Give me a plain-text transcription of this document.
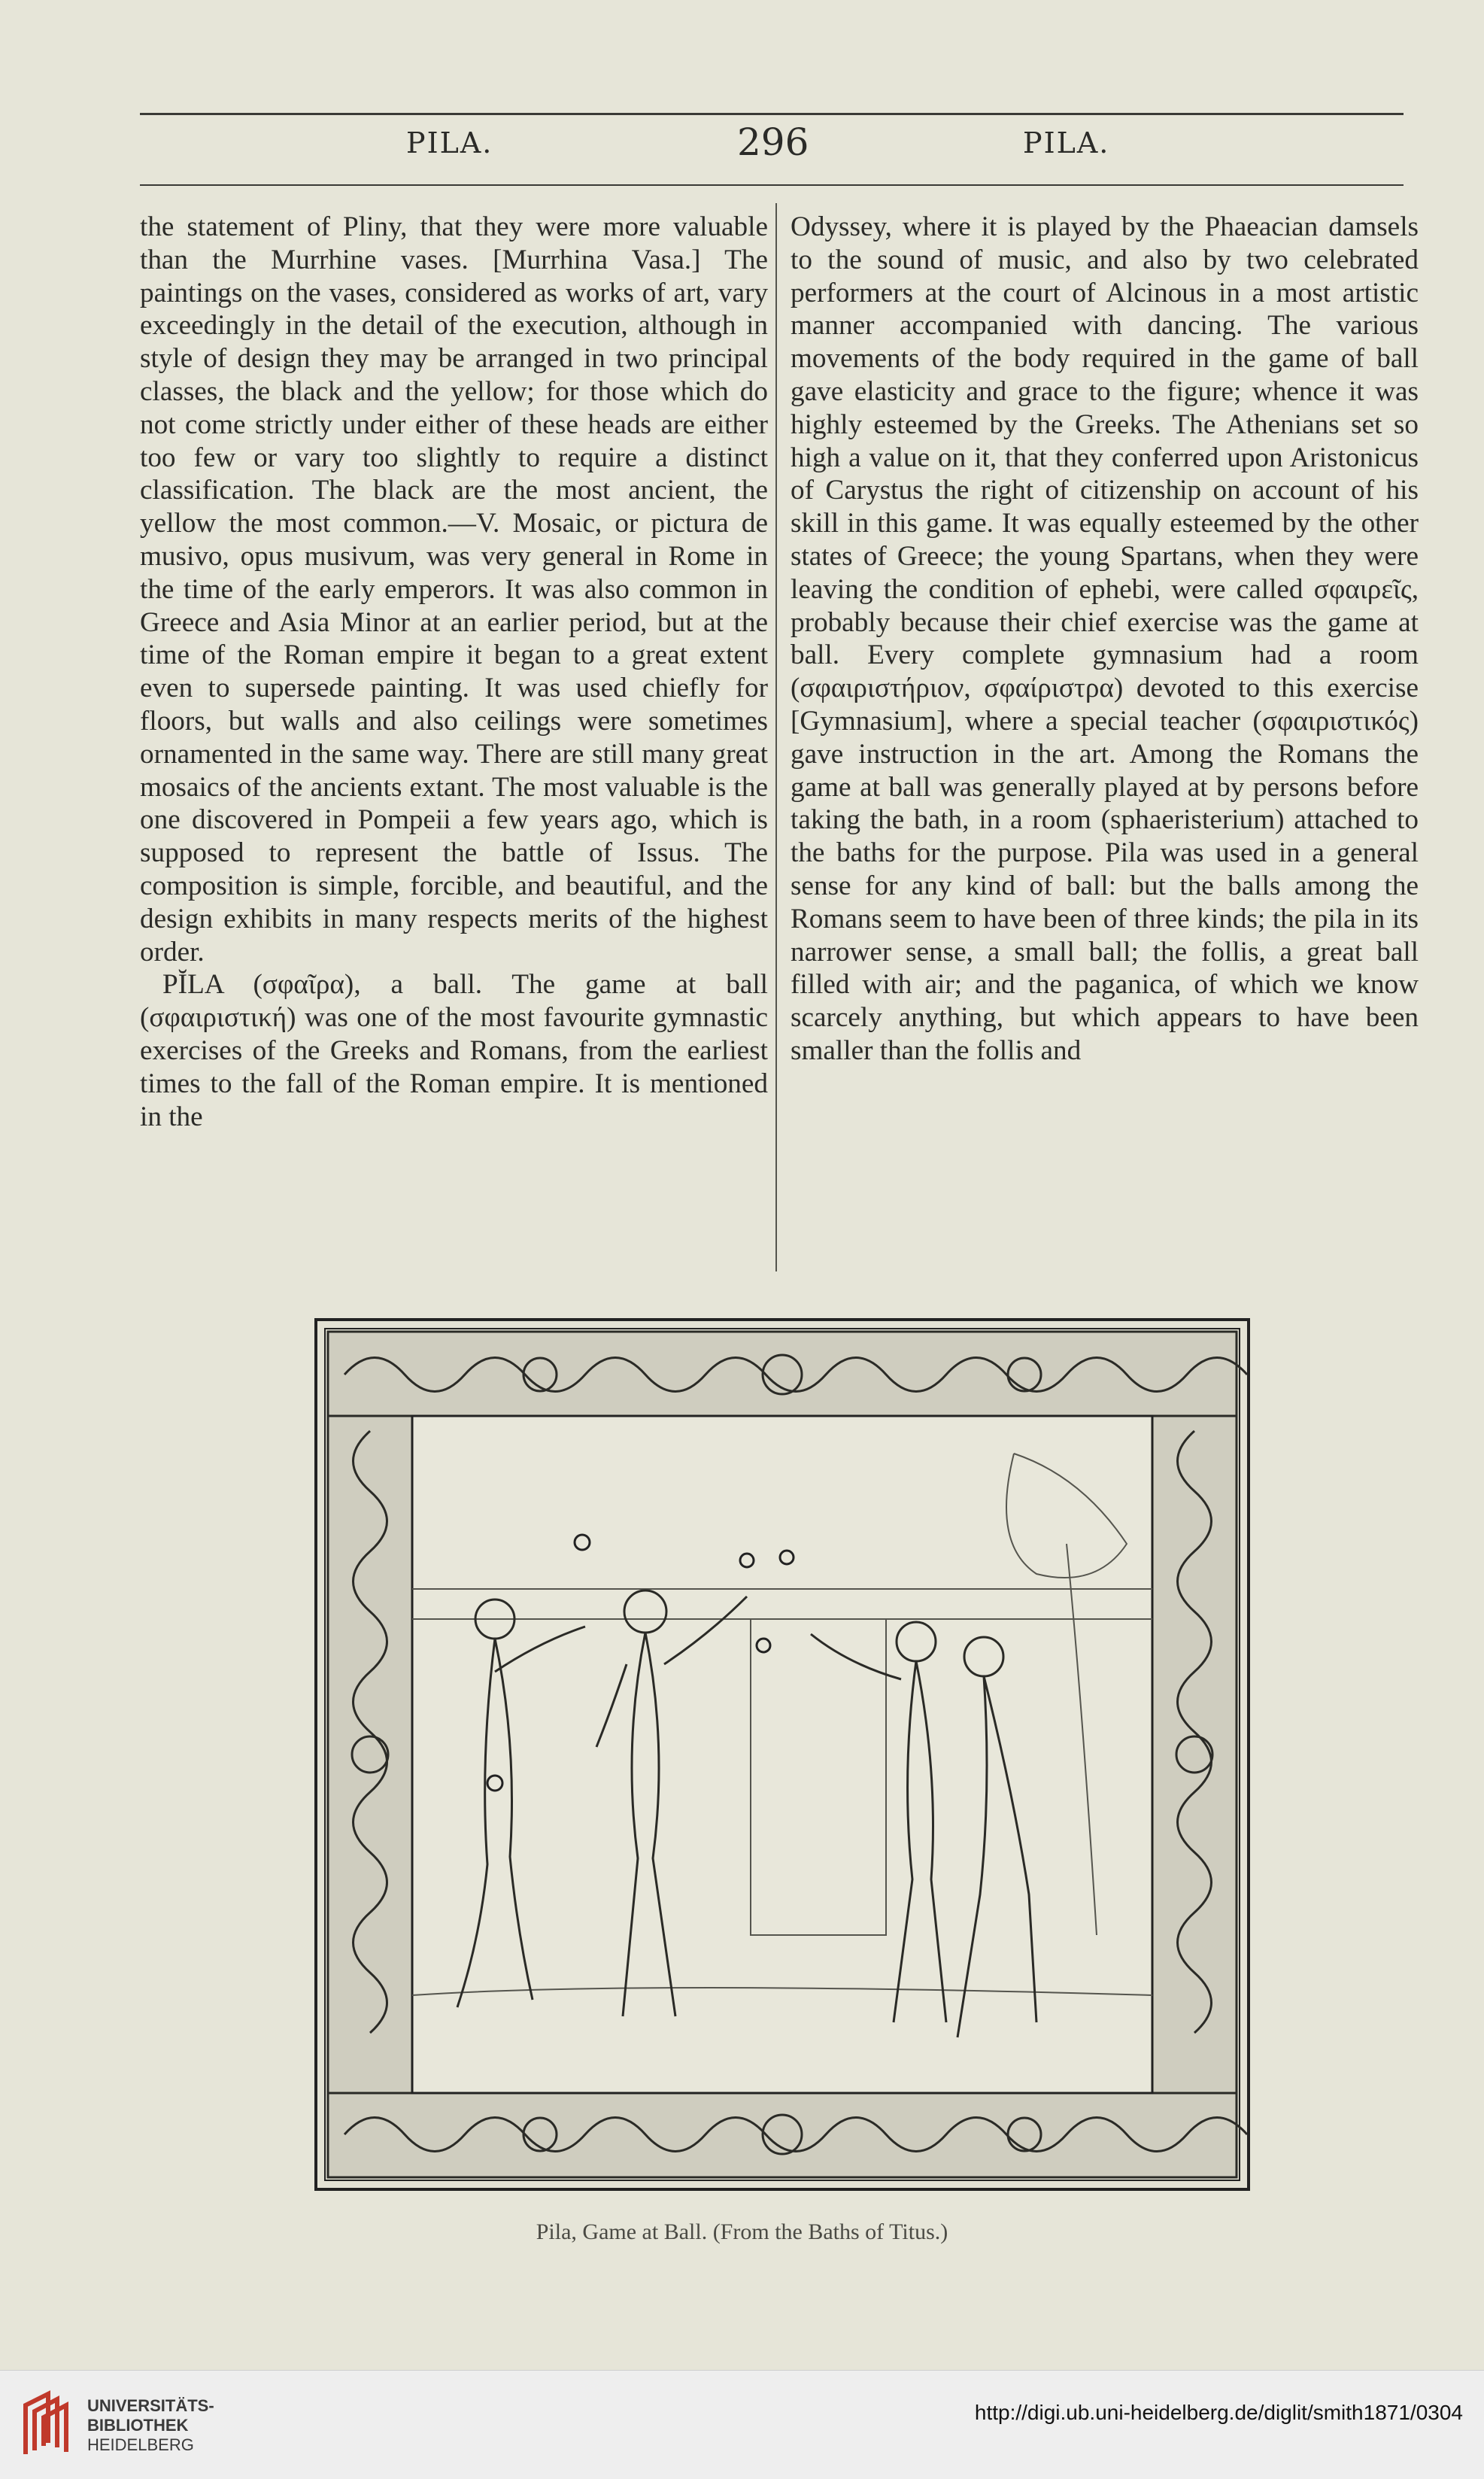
PILA.	296	PILA.

the statement of Pliny, that they were more valuable than the Murrhine vases. [Murrhina Vasa.] The paintings on the vases, considered as works of art, vary exceedingly in the detail of the execution, although in style of design they may be arranged in two principal classes, the black and the yellow; for those which do not come strictly under either of these heads are either too few or vary too slightly to require a distinct classification. The black are the most ancient, the yellow the most common.—V. Mosaic, or pictura de musivo, opus musivum, was very general in Rome in the time of the early emperors. It was also common in Greece and Asia Minor at an earlier period, but at the time of the Roman empire it began to a great extent even to supersede painting. It was used chiefly for floors, but walls and also ceilings were sometimes ornamented in the same way. There are still many great mosaics of the ancients extant. The most valuable is the one discovered in Pompeii a few years ago, which is supposed to represent the battle of Issus. The composition is simple, forcible, and beautiful, and the design exhibits in many respects merits of the highest order.

PĬLA (σφαῖρα), a ball. The game at ball (σφαιριστική) was one of the most favourite gymnastic exercises of the Greeks and Romans, from the earliest times to the fall of the Roman empire. It is mentioned in the

Odyssey, where it is played by the Phaeacian damsels to the sound of music, and also by two celebrated performers at the court of Alcinous in a most artistic manner accompanied with dancing. The various movements of the body required in the game of ball gave elasticity and grace to the figure; whence it was highly esteemed by the Greeks. The Athenians set so high a value on it, that they conferred upon Aristonicus of Carystus the right of citizenship on account of his skill in this game. It was equally esteemed by the other states of Greece; the young Spartans, when they were leaving the condition of ephebi, were called σφαιρεῖς, probably because their chief exercise was the game at ball. Every complete gymnasium had a room (σφαιριστήριον, σφαίριστρα) devoted to this exercise [Gymnasium], where a special teacher (σφαιριστικός) gave instruction in the art. Among the Romans the game at ball was generally played at by persons before taking the bath, in a room (sphaeristerium) attached to the baths for the purpose. Pila was used in a general sense for any kind of ball: but the balls among the Romans seem to have been of three kinds; the pila in its narrower sense, a small ball; the follis, a great ball filled with air; and the paganica, of which we know scarcely anything, but which appears to have been smaller than the follis and

Pila, Game at Ball. (From the Baths of Titus.)
UNIVERSITÄTS-
BIBLIOTHEK
HEIDELBERG
http://digi.ub.uni-heidelberg.de/diglit/smith1871/0304
